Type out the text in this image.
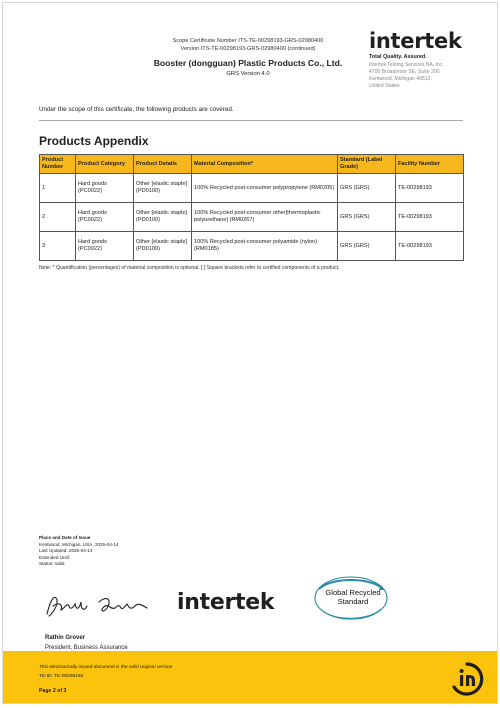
Scope Certificate Number ITS-TE-00298193-GRS-02980400
Version ITS-TE-00298193-GRS-02980400 (continued)
Booster (dongguan) Plastic Products Co., Ltd.
GRS Version 4.0
intertek
Total Quality. Assured.
Intertek Testing Services NA, Inc.
4700 Broadmoor SE, Suite 200
Kentwood, Michigan 49512,
United States
Under the scope of this certificate, the following products are covered.
Products Appendix
Product Number	Product Category	Product Details	Material Composition*	Standard (Label Grade)	Facility Number
1	Hard goods (PC0022)	Other [elastic staple] (PD0100)	100% Recycled post-consumer polypropylene (RM0205)	GRS (GRS)	TE-00298193
2	Hard goods (PC0022)	Other [elastic staple] (PD0100)	100% Recycled post-consumer other[thermoplastic polyurethane] (RM0267)	GRS (GRS)	TE-00298193
3	Hard goods (PC0022)	Other [elastic staple] (PD0100)	100% Recycled post-consumer polyamide (nylon) (RM0185)	GRS (GRS)	TE-00298193
Note: * Quantification (percentages) of material composition is optional. [ ] Square brackets refer to certified components of a product.
Place and Date of Issue
Kentwood, Michigan, USA, 2025-04-14
Last Updated: 2025-04-14
Extended Until:
Status: Valid
intertek	Global Recycled
Standard
Rathin Grover
President, Business Assurance
This electronically issued document is the valid original version
TE-ID: TE-00298193
Page 2 of 3
